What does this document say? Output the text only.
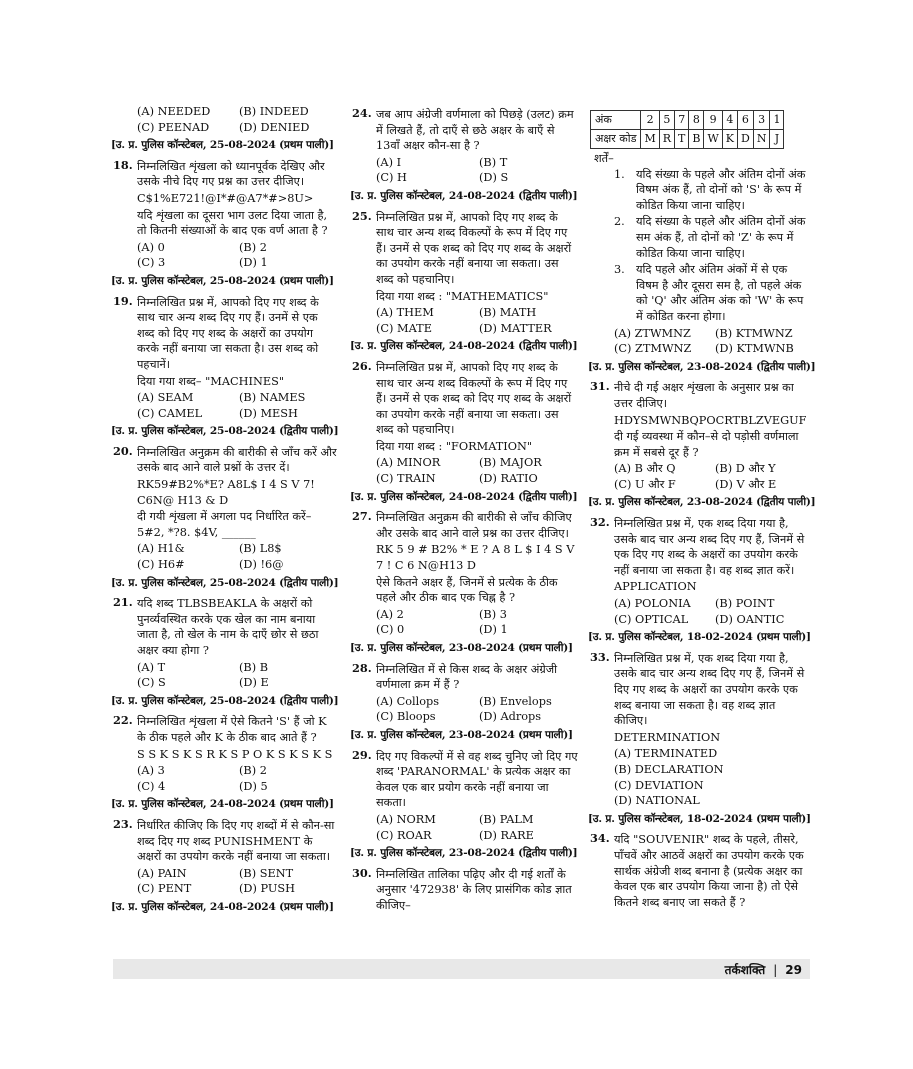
(A) NEEDED	(B) INDEED
(C) PEENAD	(D) DENIED
[उ. प्र. पुलिस कॉन्स्टेबल, 25-08-2024 (प्रथम पाली)]
18. निम्नलिखित शृंखला को ध्यानपूर्वक देखिए और उसके नीचे दिए गए प्रश्न का उत्तर दीजिए।
C$1%E721!@I*#@A7*#>8U>
यदि शृंखला का दूसरा भाग उलट दिया जाता है, तो कितनी संख्याओं के बाद एक वर्ण आता है ?
(A) 0	(B) 2
(C) 3	(D) 1
[उ. प्र. पुलिस कॉन्स्टेबल, 25-08-2024 (प्रथम पाली)]
19. निम्नलिखित प्रश्न में, आपको दिए गए शब्द के साथ चार अन्य शब्द दिए गए हैं। उनमें से एक शब्द को दिए गए शब्द के अक्षरों का उपयोग करके नहीं बनाया जा सकता है। उस शब्द को पहचानें।
दिया गया शब्द– "MACHINES"
(A) SEAM	(B) NAMES
(C) CAMEL	(D) MESH
[उ. प्र. पुलिस कॉन्स्टेबल, 25-08-2024 (द्वितीय पाली)]
20. निम्नलिखित अनुक्रम की बारीकी से जाँच करें और उसके बाद आने वाले प्रश्नों के उत्तर दें।
RK59#B2%*E? A8L$ I 4 S V 7! C6N@ H13 & D
दी गयी शृंखला में अगला पद निर्धारित करें– 5#2, *?8. $4V, ______
(A) H1&	(B) L8$
(C) H6#	(D) !6@
[उ. प्र. पुलिस कॉन्स्टेबल, 25-08-2024 (द्वितीय पाली)]
21. यदि शब्द TLBSBEAKLA के अक्षरों को पुनर्व्यवस्थित करके एक खेल का नाम बनाया जाता है, तो खेल के नाम के दाएँ छोर से छठा अक्षर क्या होगा ?
(A) T	(B) B
(C) S	(D) E
[उ. प्र. पुलिस कॉन्स्टेबल, 25-08-2024 (द्वितीय पाली)]
22. निम्नलिखित शृंखला में ऐसे कितने 'S' हैं जो K के ठीक पहले और K के ठीक बाद आते हैं ?
S S K S K S R K S P O K S K S K S
(A) 3	(B) 2
(C) 4	(D) 5
[उ. प्र. पुलिस कॉन्स्टेबल, 24-08-2024 (प्रथम पाली)]
23. निर्धारित कीजिए कि दिए गए शब्दों में से कौन-सा शब्द दिए गए शब्द PUNISHMENT के अक्षरों का उपयोग करके नहीं बनाया जा सकता।
(A) PAIN	(B) SENT
(C) PENT	(D) PUSH
[उ. प्र. पुलिस कॉन्स्टेबल, 24-08-2024 (प्रथम पाली)]
24. जब आप अंग्रेजी वर्णमाला को पिछड़े (उलट) क्रम में लिखते हैं, तो दाएँ से छठे अक्षर के बाएँ से 13वाँ अक्षर कौन-सा है ?
(A) I	(B) T
(C) H	(D) S
[उ. प्र. पुलिस कॉन्स्टेबल, 24-08-2024 (द्वितीय पाली)]
25. निम्नलिखित प्रश्न में, आपको दिए गए शब्द के साथ चार अन्य शब्द विकल्पों के रूप में दिए गए हैं। उनमें से एक शब्द को दिए गए शब्द के अक्षरों का उपयोग करके नहीं बनाया जा सकता। उस शब्द को पहचानिए।
दिया गया शब्द : "MATHEMATICS"
(A) THEM	(B) MATH
(C) MATE	(D) MATTER
[उ. प्र. पुलिस कॉन्स्टेबल, 24-08-2024 (द्वितीय पाली)]
26. निम्नलिखित प्रश्न में, आपको दिए गए शब्द के साथ चार अन्य शब्द विकल्पों के रूप में दिए गए हैं। उनमें से एक शब्द को दिए गए शब्द के अक्षरों का उपयोग करके नहीं बनाया जा सकता। उस शब्द को पहचानिए।
दिया गया शब्द : "FORMATION"
(A) MINOR	(B) MAJOR
(C) TRAIN	(D) RATIO
[उ. प्र. पुलिस कॉन्स्टेबल, 24-08-2024 (द्वितीय पाली)]
27. निम्नलिखित अनुक्रम की बारीकी से जाँच कीजिए और उसके बाद आने वाले प्रश्न का उत्तर दीजिए।
RK 5 9 # B2% * E ? A 8 L $ I 4 S V 7 ! C 6 N@H13 D
ऐसे कितने अक्षर हैं, जिनमें से प्रत्येक के ठीक पहले और ठीक बाद एक चिह्न है ?
(A) 2	(B) 3
(C) 0	(D) 1
[उ. प्र. पुलिस कॉन्स्टेबल, 23-08-2024 (प्रथम पाली)]
28. निम्नलिखित में से किस शब्द के अक्षर अंग्रेजी वर्णमाला क्रम में हैं ?
(A) Collops	(B) Envelops
(C) Bloops	(D) Adrops
[उ. प्र. पुलिस कॉन्स्टेबल, 23-08-2024 (प्रथम पाली)]
29. दिए गए विकल्पों में से वह शब्द चुनिए जो दिए गए शब्द 'PARANORMAL' के प्रत्येक अक्षर का केवल एक बार प्रयोग करके नहीं बनाया जा सकता।
(A) NORM	(B) PALM
(C) ROAR	(D) RARE
[उ. प्र. पुलिस कॉन्स्टेबल, 23-08-2024 (द्वितीय पाली)]
30. निम्नलिखित तालिका पढ़िए और दी गई शर्तों के अनुसार '472938' के लिए प्रासंगिक कोड ज्ञात कीजिए–
अंक	2	5	7	8	9	4	6	3	1
अक्षर कोड	M	R	T	B	W	K	D	N	J
शर्तें–
1. यदि संख्या के पहले और अंतिम दोनों अंक विषम अंक हैं, तो दोनों को 'S' के रूप में कोडित किया जाना चाहिए।
2. यदि संख्या के पहले और अंतिम दोनों अंक सम अंक हैं, तो दोनों को 'Z' के रूप में कोडित किया जाना चाहिए।
3. यदि पहले और अंतिम अंकों में से एक विषम है और दूसरा सम है, तो पहले अंक को 'Q' और अंतिम अंक को 'W' के रूप में कोडित करना होगा।
(A) ZTWMNZ	(B) KTMWNZ
(C) ZTMWNZ	(D) KTMWNB
[उ. प्र. पुलिस कॉन्स्टेबल, 23-08-2024 (द्वितीय पाली)]
31. नीचे दी गई अक्षर शृंखला के अनुसार प्रश्न का उत्तर दीजिए।
HDYSMWNBQPOCRTBLZVEGUF
दी गई व्यवस्था में कौन–से दो पड़ोसी वर्णमाला क्रम में सबसे दूर हैं ?
(A) B और Q	(B) D और Y
(C) U और F	(D) V और E
[उ. प्र. पुलिस कॉन्स्टेबल, 23-08-2024 (द्वितीय पाली)]
32. निम्नलिखित प्रश्न में, एक शब्द दिया गया है, उसके बाद चार अन्य शब्द दिए गए हैं, जिनमें से एक दिए गए शब्द के अक्षरों का उपयोग करके नहीं बनाया जा सकता है। वह शब्द ज्ञात करें।
APPLICATION
(A) POLONIA	(B) POINT
(C) OPTICAL	(D) OANTIC
[उ. प्र. पुलिस कॉन्स्टेबल, 18-02-2024 (प्रथम पाली)]
33. निम्नलिखित प्रश्न में, एक शब्द दिया गया है, उसके बाद चार अन्य शब्द दिए गए हैं, जिनमें से दिए गए शब्द के अक्षरों का उपयोग करके एक शब्द बनाया जा सकता है। वह शब्द ज्ञात कीजिए।
DETERMINATION
(A) TERMINATED
(B) DECLARATION
(C) DEVIATION
(D) NATIONAL
[उ. प्र. पुलिस कॉन्स्टेबल, 18-02-2024 (प्रथम पाली)]
34. यदि "SOUVENIR" शब्द के पहले, तीसरे, पाँचवें और आठवें अक्षरों का उपयोग करके एक सार्थक अंग्रेजी शब्द बनाना है (प्रत्येक अक्षर का केवल एक बार उपयोग किया जाना है) तो ऐसे कितने शब्द बनाए जा सकते हैं ?
तर्कशक्ति | 29
